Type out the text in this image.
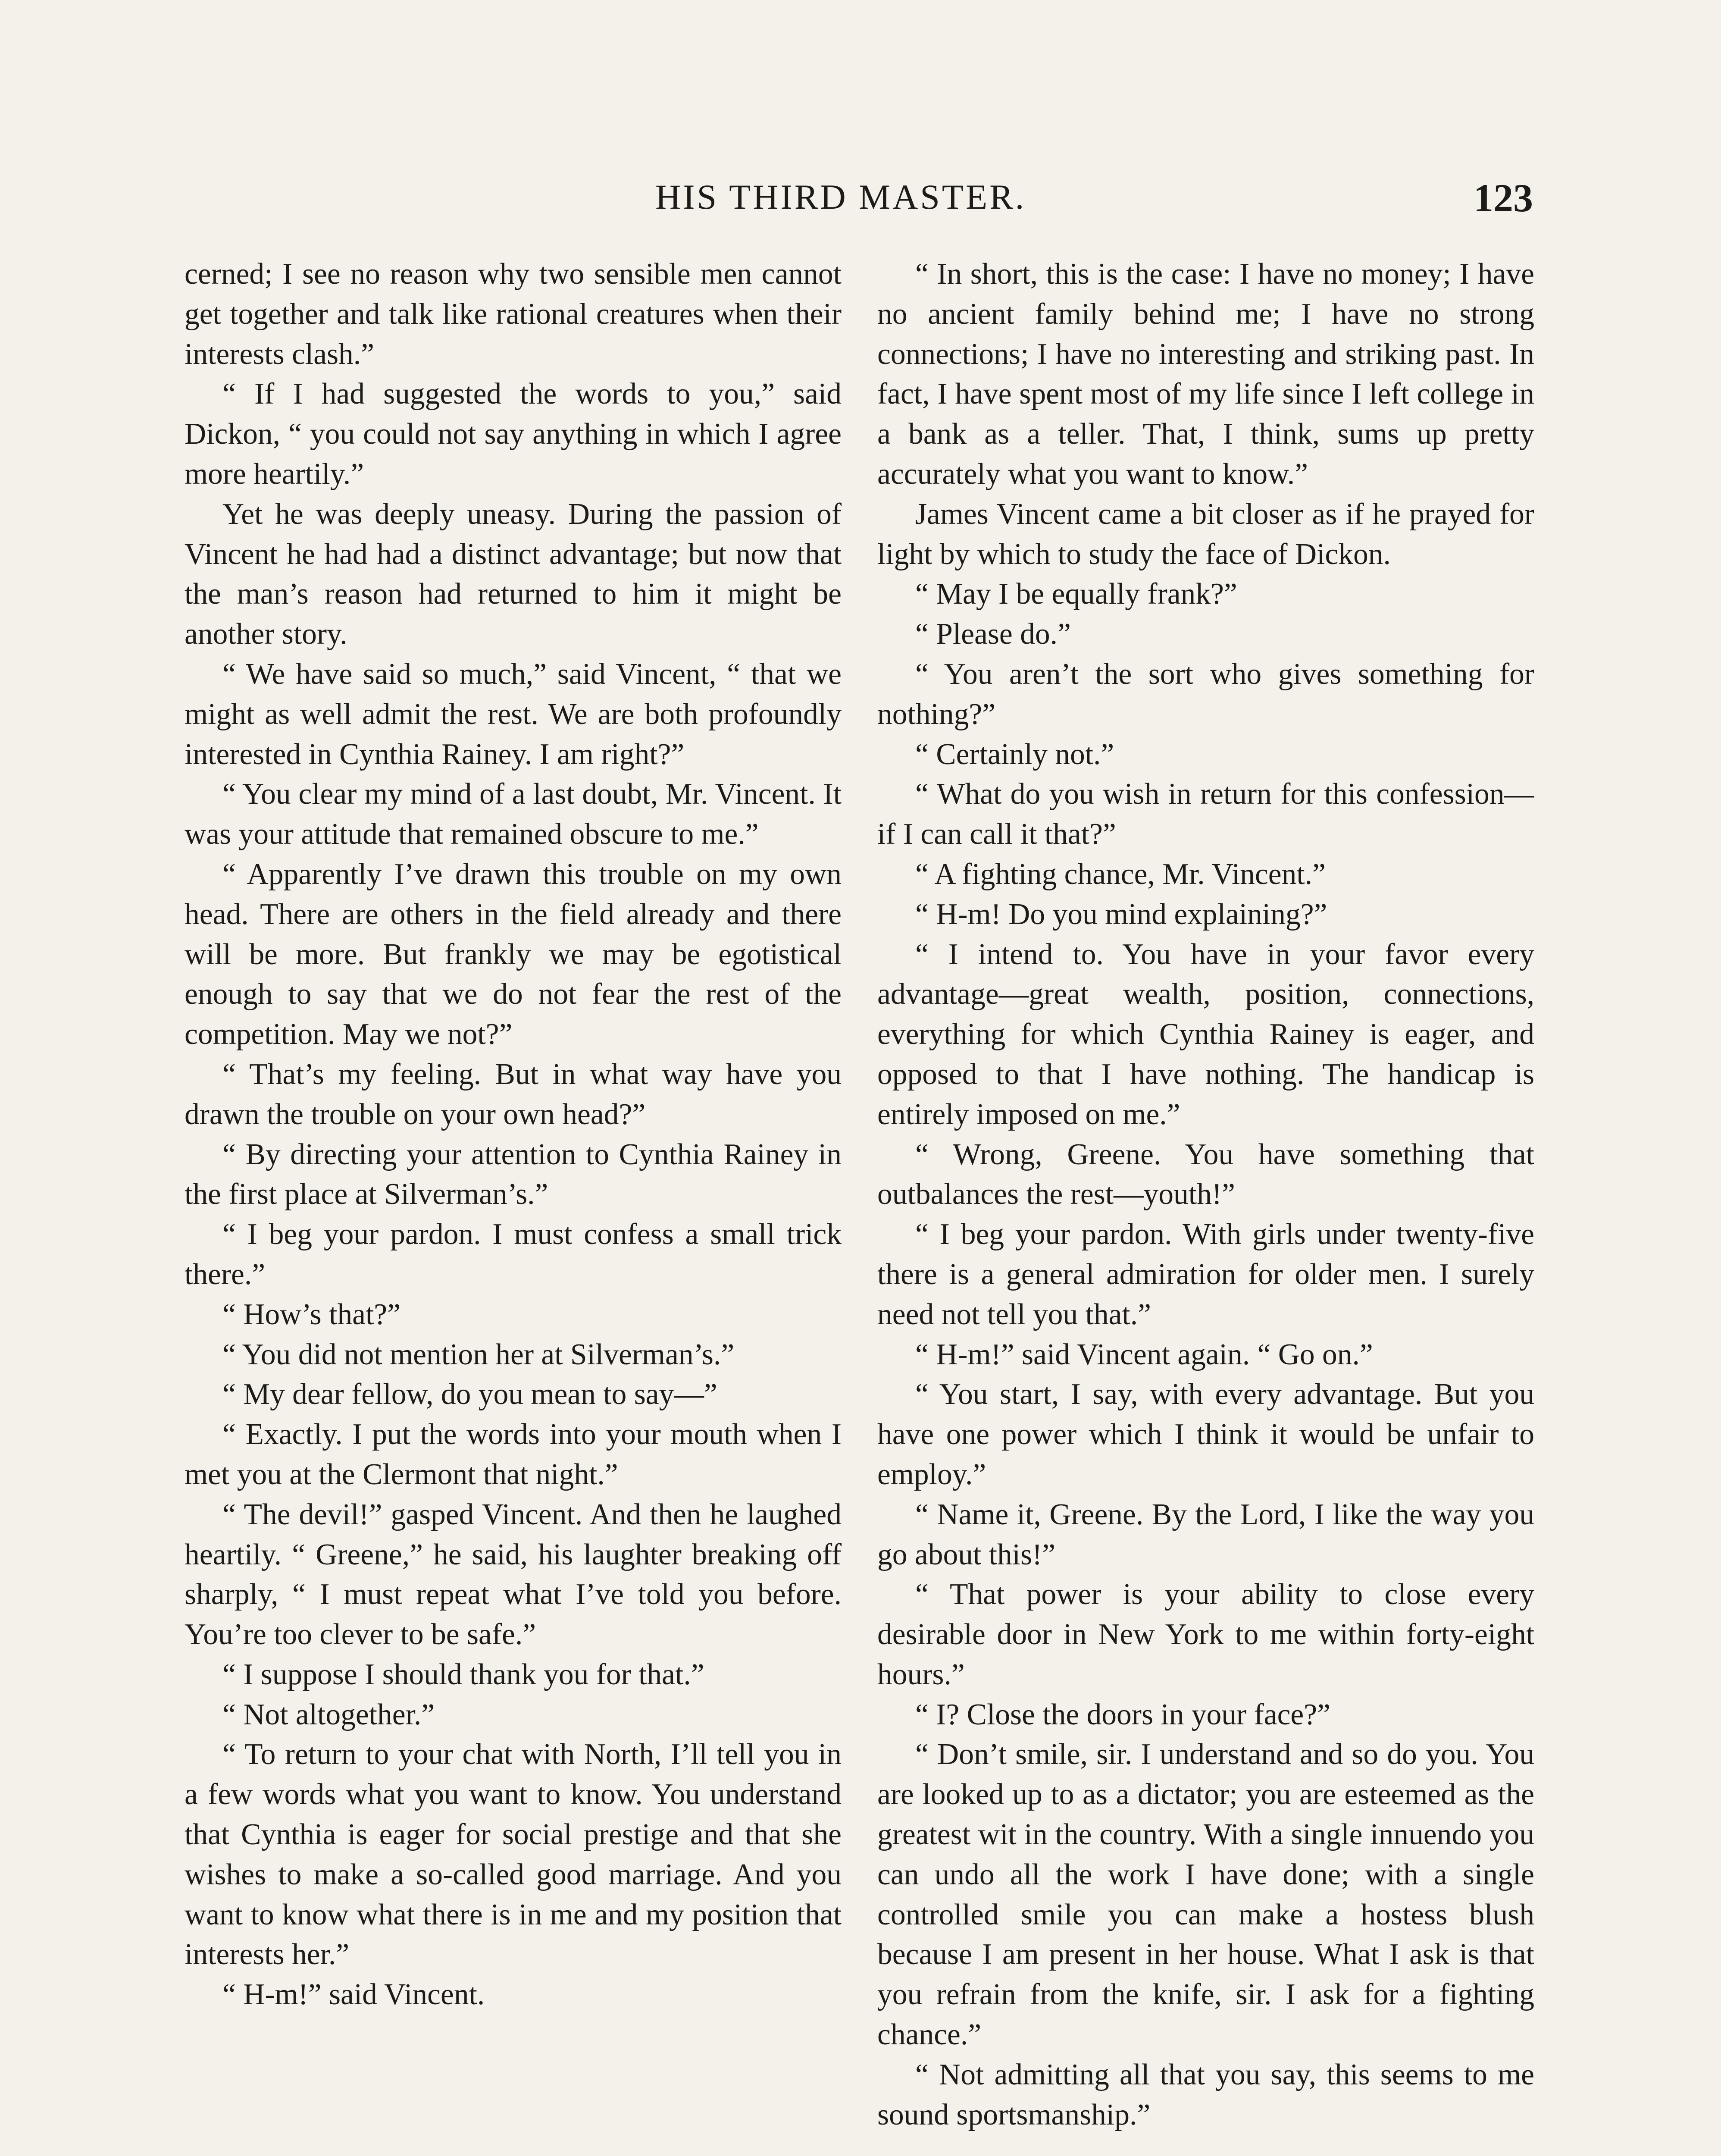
HIS THIRD MASTER.	123

cerned; I see no reason why two sensible men cannot get together and talk like rational creatures when their interests clash.”

“ If I had suggested the words to you,” said Dickon, “ you could not say anything in which I agree more heartily.”

Yet he was deeply uneasy. During the passion of Vincent he had had a distinct advantage; but now that the man’s reason had returned to him it might be another story.

“ We have said so much,” said Vincent, “ that we might as well admit the rest. We are both profoundly interested in Cynthia Rainey. I am right?”

“ You clear my mind of a last doubt, Mr. Vincent. It was your attitude that remained obscure to me.”

“ Apparently I’ve drawn this trouble on my own head. There are others in the field already and there will be more. But frankly we may be egotistical enough to say that we do not fear the rest of the competition. May we not?”

“ That’s my feeling. But in what way have you drawn the trouble on your own head?”

“ By directing your attention to Cynthia Rainey in the first place at Silverman’s.”

“ I beg your pardon. I must confess a small trick there.”

“ How’s that?”

“ You did not mention her at Silverman’s.”

“ My dear fellow, do you mean to say—”

“ Exactly. I put the words into your mouth when I met you at the Clermont that night.”

“ The devil!” gasped Vincent. And then he laughed heartily. “ Greene,” he said, his laughter breaking off sharply, “ I must repeat what I’ve told you before. You’re too clever to be safe.”

“ I suppose I should thank you for that.”

“ Not altogether.”

“ To return to your chat with North, I’ll tell you in a few words what you want to know. You understand that Cynthia is eager for social prestige and that she wishes to make a so-called good marriage. And you want to know what there is in me and my position that interests her.”

“ H-m!” said Vincent.

“ In short, this is the case: I have no money; I have no ancient family behind me; I have no strong connections; I have no interesting and striking past. In fact, I have spent most of my life since I left college in a bank as a teller. That, I think, sums up pretty accurately what you want to know.”

James Vincent came a bit closer as if he prayed for light by which to study the face of Dickon.

“ May I be equally frank?”

“ Please do.”

“ You aren’t the sort who gives something for nothing?”

“ Certainly not.”

“ What do you wish in return for this confession—if I can call it that?”

“ A fighting chance, Mr. Vincent.”

“ H-m! Do you mind explaining?”

“ I intend to. You have in your favor every advantage—great wealth, position, connections, everything for which Cynthia Rainey is eager, and opposed to that I have nothing. The handicap is entirely imposed on me.”

“ Wrong, Greene. You have something that outbalances the rest—youth!”

“ I beg your pardon. With girls under twenty-five there is a general admiration for older men. I surely need not tell you that.”

“ H-m!” said Vincent again. “ Go on.”

“ You start, I say, with every advantage. But you have one power which I think it would be unfair to employ.”

“ Name it, Greene. By the Lord, I like the way you go about this!”

“ That power is your ability to close every desirable door in New York to me within forty-eight hours.”

“ I? Close the doors in your face?”

“ Don’t smile, sir. I understand and so do you. You are looked up to as a dictator; you are esteemed as the greatest wit in the country. With a single innuendo you can undo all the work I have done; with a single controlled smile you can make a hostess blush because I am present in her house. What I ask is that you refrain from the knife, sir. I ask for a fighting chance.”

“ Not admitting all that you say, this seems to me sound sportsmanship.”
